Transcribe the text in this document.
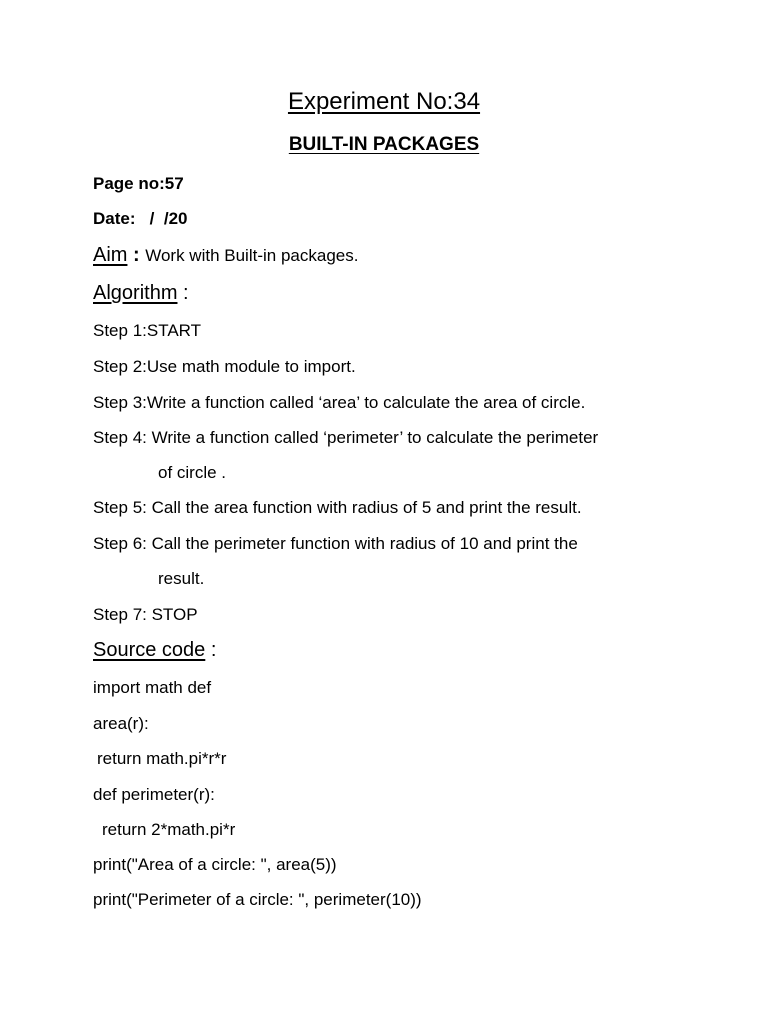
Experiment No:34
BUILT-IN PACKAGES
Page no:57
Date:   /  /20
Aim : Work with Built-in packages.
Algorithm :
Step 1:START
Step 2:Use math module to import.
Step 3:Write a function called ‘area’ to calculate the area of circle.
Step 4: Write a function called ‘perimeter’ to calculate the perimeter
of circle .
Step 5: Call the area function with radius of 5 and print the result.
Step 6: Call the perimeter function with radius of 10 and print the
result.
Step 7: STOP
Source code :
import math def
area(r):
return math.pi*r*r
def perimeter(r):
return 2*math.pi*r
print("Area of a circle: ", area(5))
print("Perimeter of a circle: ", perimeter(10))
